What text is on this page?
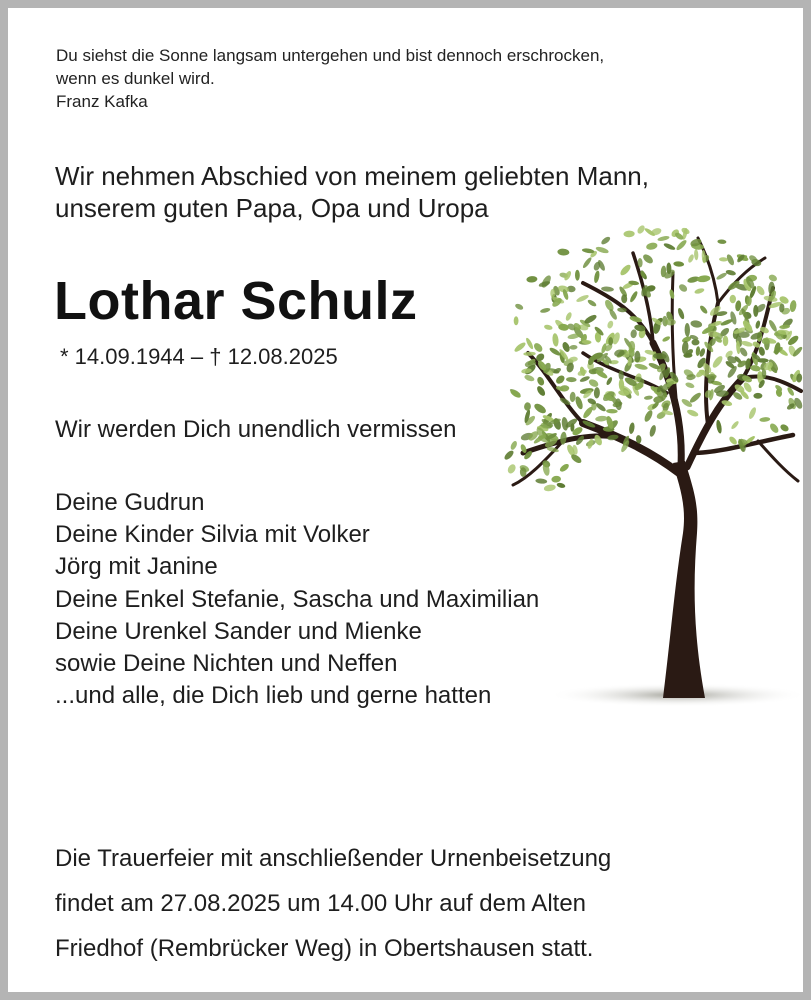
Du siehst die Sonne langsam untergehen und bist dennoch erschrocken,
wenn es dunkel wird.
Franz Kafka
Wir nehmen Abschied von meinem geliebten Mann,
unserem guten Papa, Opa und Uropa
Lothar Schulz
* 14.09.1944 – † 12.08.2025
Wir werden Dich unendlich vermissen
Deine Gudrun
Deine Kinder Silvia mit Volker
Jörg mit Janine
Deine Enkel Stefanie, Sascha und Maximilian
Deine Urenkel Sander und Mienke
sowie Deine Nichten und Neffen
...und alle, die Dich lieb und gerne hatten
Die Trauerfeier mit anschließender Urnenbeisetzung
findet am 27.08.2025 um 14.00 Uhr auf dem Alten
Friedhof (Rembrücker Weg) in Obertshausen statt.
